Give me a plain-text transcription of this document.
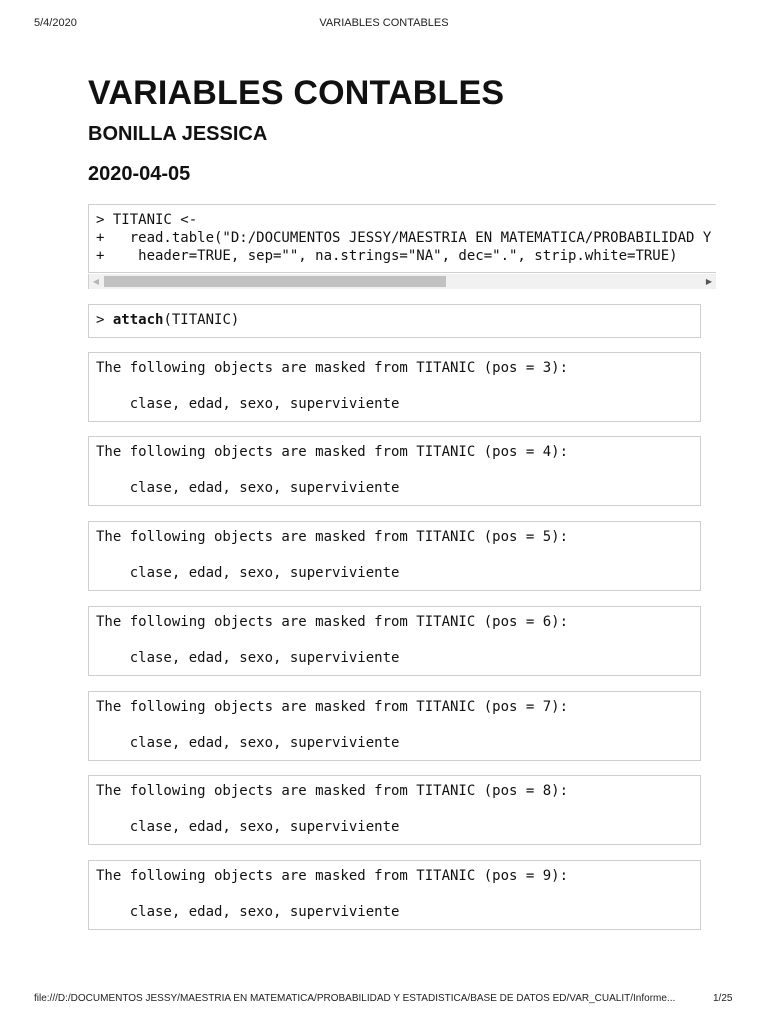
5/4/2020	VARIABLES CONTABLES
VARIABLES CONTABLES
BONILLA JESSICA
2020-04-05
> TITANIC <-
+   read.table("D:/DOCUMENTOS JESSY/MAESTRIA EN MATEMATICA/PROBABILIDAD Y
+    header=TRUE, sep="", na.strings="NA", dec=".", strip.white=TRUE)
◀	▶
> attach(TITANIC)
The following objects are masked from TITANIC (pos = 3):
clase, edad, sexo, superviviente
The following objects are masked from TITANIC (pos = 4):
clase, edad, sexo, superviviente
The following objects are masked from TITANIC (pos = 5):
clase, edad, sexo, superviviente
The following objects are masked from TITANIC (pos = 6):
clase, edad, sexo, superviviente
The following objects are masked from TITANIC (pos = 7):
clase, edad, sexo, superviviente
The following objects are masked from TITANIC (pos = 8):
clase, edad, sexo, superviviente
The following objects are masked from TITANIC (pos = 9):
clase, edad, sexo, superviviente
file:///D:/DOCUMENTOS JESSY/MAESTRIA EN MATEMATICA/PROBABILIDAD Y ESTADISTICA/BASE DE DATOS ED/VAR_CUALIT/Informe...	1/25
